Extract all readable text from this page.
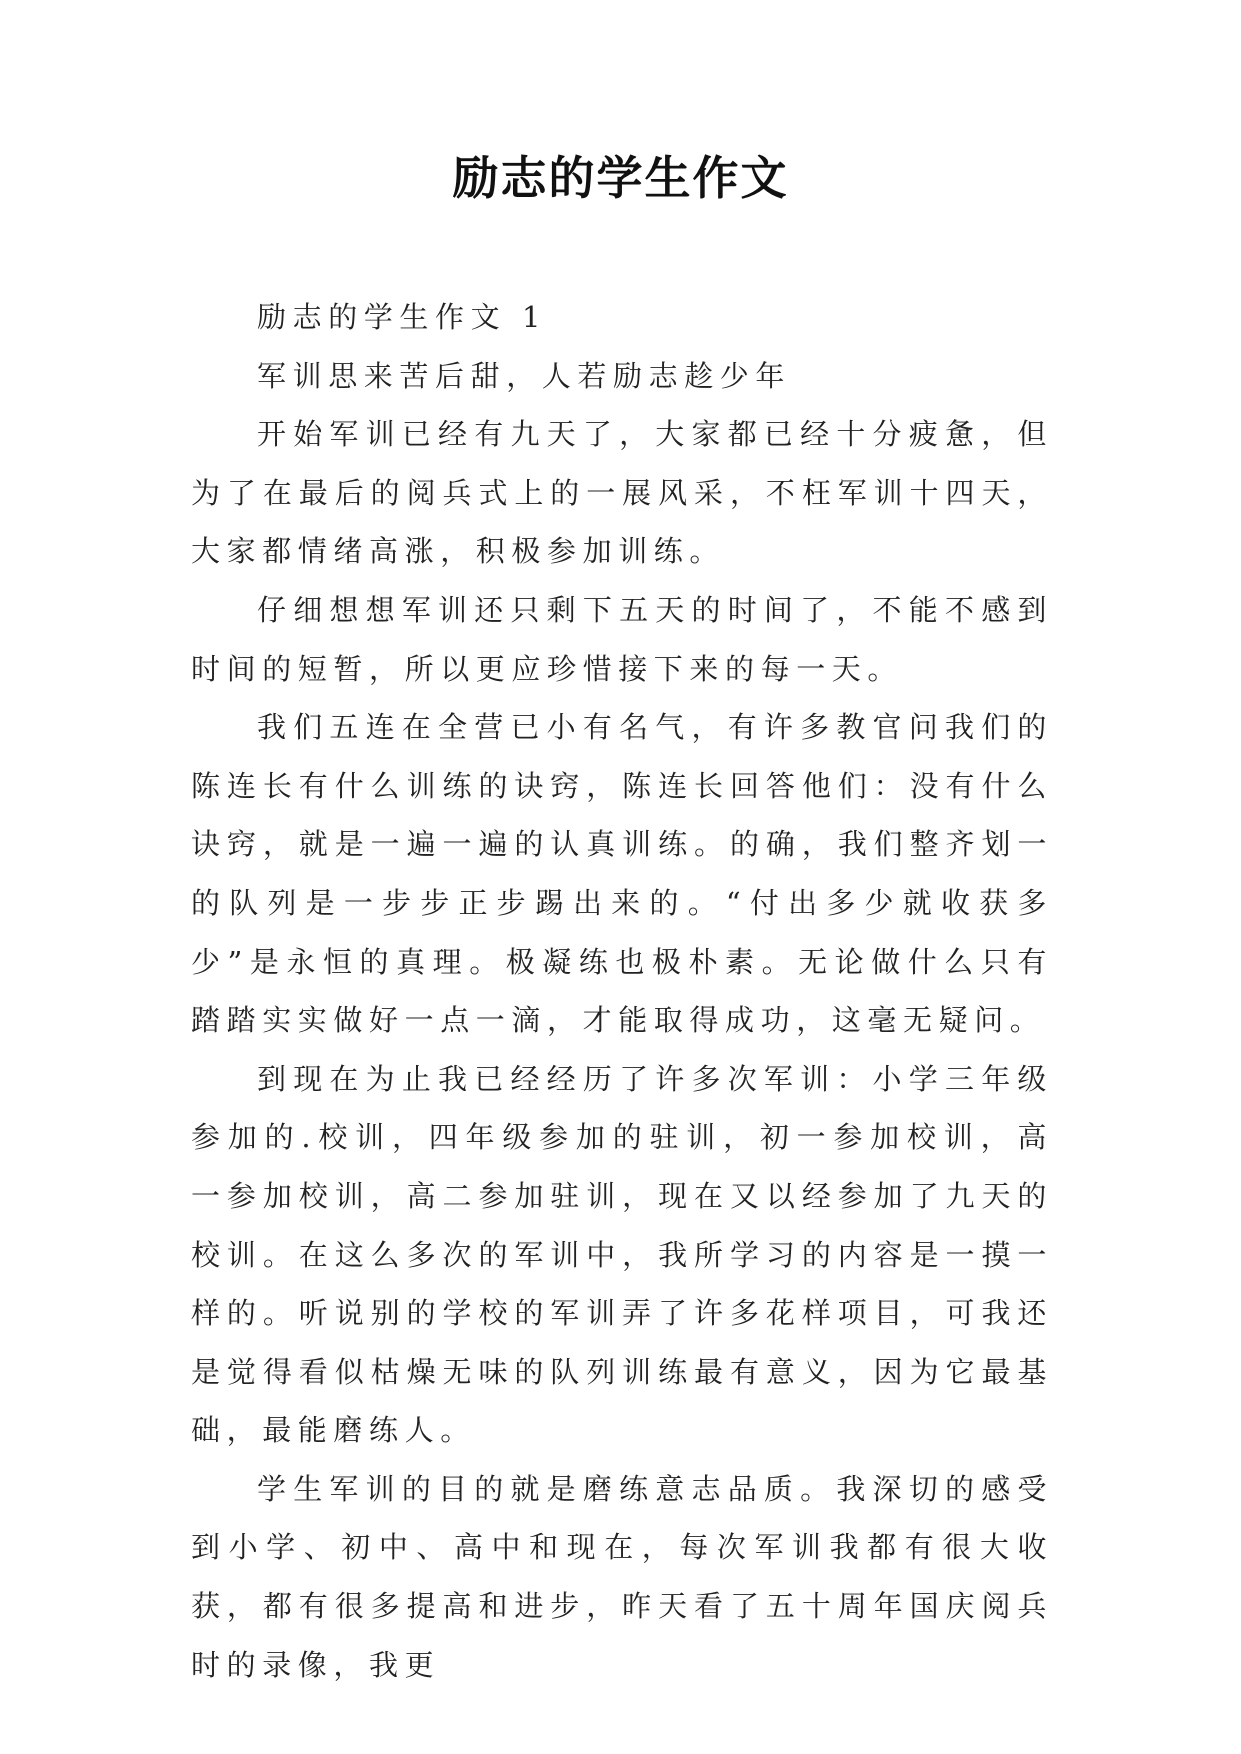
励志的学生作文

励志的学生作文 1

军训思来苦后甜，人若励志趁少年

开始军训已经有九天了，大家都已经十分疲惫，但为了在最后的阅兵式上的一展风采，不枉军训十四天，大家都情绪高涨，积极参加训练。

仔细想想军训还只剩下五天的时间了，不能不感到时间的短暂，所以更应珍惜接下来的每一天。

我们五连在全营已小有名气，有许多教官问我们的陈连长有什么训练的诀窍，陈连长回答他们：没有什么诀窍，就是一遍一遍的认真训练。的确，我们整齐划一的队列是一步步正步踢出来的。“付出多少就收获多少”是永恒的真理。极凝练也极朴素。无论做什么只有踏踏实实做好一点一滴，才能取得成功，这毫无疑问。

到现在为止我已经经历了许多次军训：小学三年级参加的.校训，四年级参加的驻训，初一参加校训，高一参加校训，高二参加驻训，现在又以经参加了九天的校训。在这么多次的军训中，我所学习的内容是一摸一样的。听说别的学校的军训弄了许多花样项目，可我还是觉得看似枯燥无味的队列训练最有意义，因为它最基础，最能磨练人。

学生军训的目的就是磨练意志品质。我深切的感受到小学、初中、高中和现在，每次军训我都有很大收获，都有很多提高和进步，昨天看了五十周年国庆阅兵时的录像，我更
